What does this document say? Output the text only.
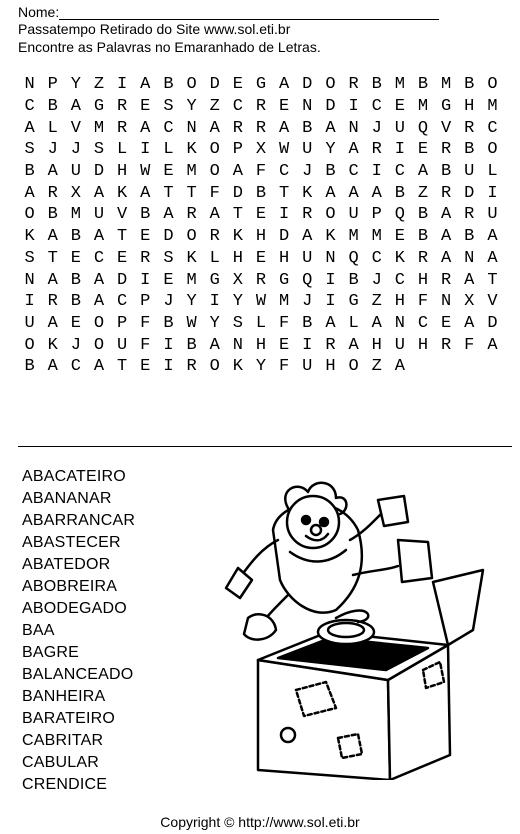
Nome:
Passatempo Retirado do Site www.sol.eti.br
Encontre as Palavras no Emaranhado de Letras.
N P Y Z I A B O D E G A D O R B M B M B O
C B A G R E S Y Z C R E N D I C E M G H M
A L V M R A C N A R R A B A N J U Q V R C
S J J S L I L K O P X W U Y A R I E R B O
B A U D H W E M O A F C J B C I C A B U L
A R X A K A T T F D B T K A A A B Z R D I
O B M U V B A R A T E I R O U P Q B A R U
K A B A T E D O R K H D A K M M E B A B A
S T E C E R S K L H E H U N Q C K R A N A
N A B A D I E M G X R G Q I B J C H R A T
I R B A C P J Y I Y W M J I G Z H F N X V
U A E O P F B W Y S L F B A L A N C E A D
O K J O U F I B A N H E I R A H U H R F A
B A C A T E I R O K Y F U H O Z A
ABACATEIRO
ABANANAR
ABARRANCAR
ABASTECER
ABATEDOR
ABOBREIRA
ABODEGADO
BAA
BAGRE
BALANCEADO
BANHEIRA
BARATEIRO
CABRITAR
CABULAR
CRENDICE
Copyright © http://www.sol.eti.br
